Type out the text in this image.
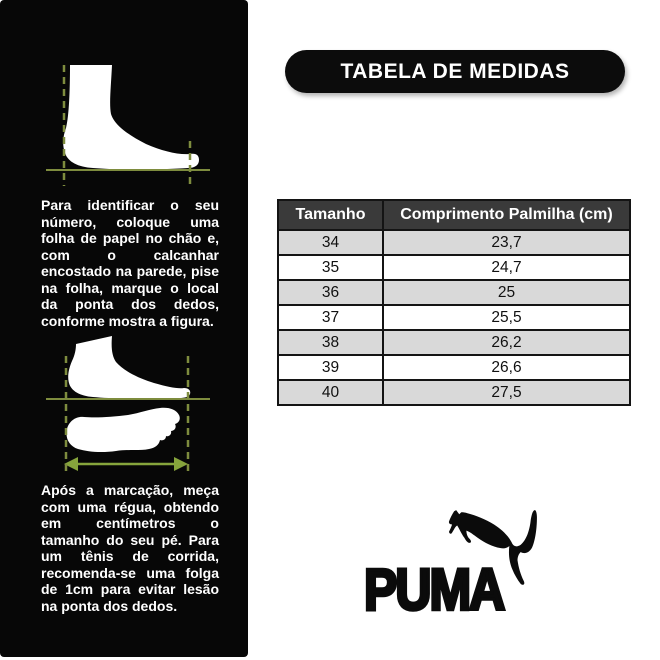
Para identificar o seu número, coloque uma folha de papel no chão e, com o calcanhar encostado na parede, pise na folha, marque o local da ponta dos dedos, conforme mostra a figura.

Após a marcação, meça com uma régua, obtendo em centímetros o tamanho do seu pé. Para um tênis de corrida, recomenda-se uma folga de 1cm para evitar lesão na ponta dos dedos.

TABELA DE MEDIDAS
Tamanho	Comprimento Palmilha (cm)
34	23,7
35	24,7
36	25
37	25,5
38	26,2
39	26,6
40	27,5
PUMA
